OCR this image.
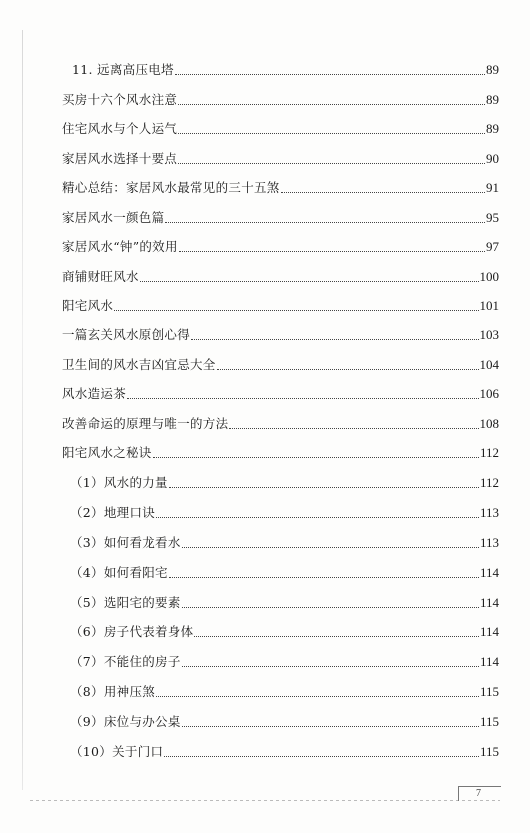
11. 远离高压电塔	89
买房十六个风水注意	89
住宅风水与个人运气	89
家居风水选择十要点	90
精心总结：家居风水最常见的三十五煞	91
家居风水一颜色篇	95
家居风水“钟”的效用	97
商铺财旺风水	100
阳宅风水	101
一篇玄关风水原创心得	103
卫生间的风水吉凶宜忌大全	104
风水造运茶	106
改善命运的原理与唯一的方法	108
阳宅风水之秘诀	112
（1）风水的力量	112
（2）地理口诀	113
（3）如何看龙看水	113
（4）如何看阳宅	114
（5）选阳宅的要素	114
（6）房子代表着身体	114
（7）不能住的房子	114
（8）用神压煞	115
（9）床位与办公桌	115
（10）关于门口	115
7
